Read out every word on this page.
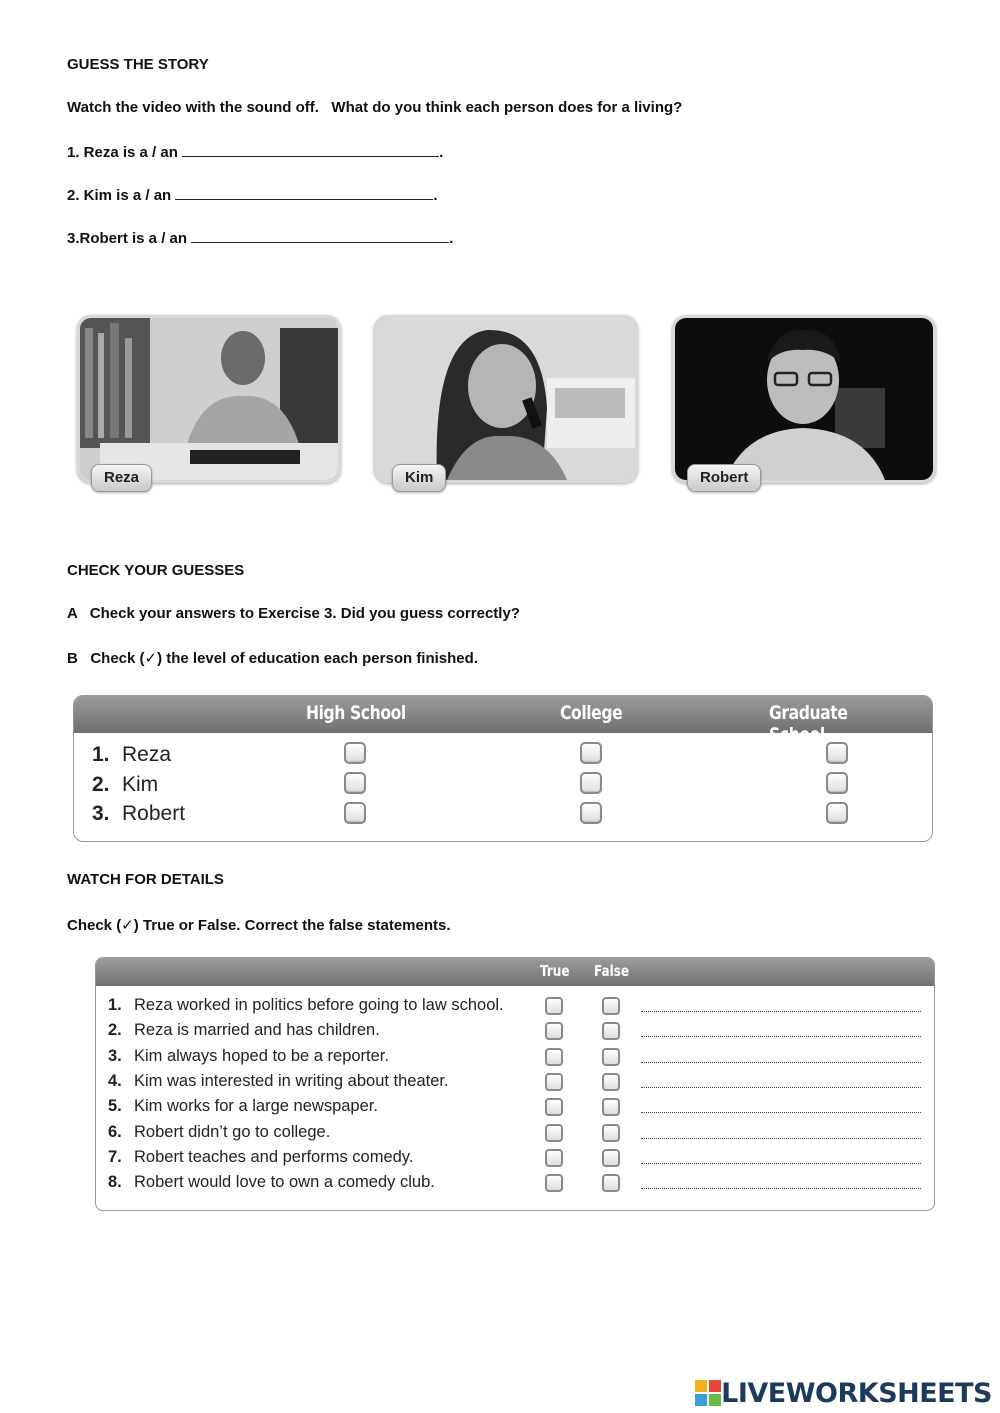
GUESS THE STORY
Watch the video with the sound off.   What do you think each person does for a living?
1. Reza is a / an	.
2. Kim is a / an	.
3.Robert is a / an	.
Reza	Kim	Robert
CHECK YOUR GUESSES
A   Check your answers to Exercise 3. Did you guess correctly?
B   Check (✓) the level of education each person finished.
High School	College	Graduate School
1. Reza
2. Kim
3. Robert
WATCH FOR DETAILS
Check (✓) True or False. Correct the false statements.
True False
1. Reza worked in politics before going to law school.
2. Reza is married and has children.
3. Kim always hoped to be a reporter.
4. Kim was interested in writing about theater.
5. Kim works for a large newspaper.
6. Robert didn’t go to college.
7. Robert teaches and performs comedy.
8. Robert would love to own a comedy club.
LIVEWORKSHEETS
